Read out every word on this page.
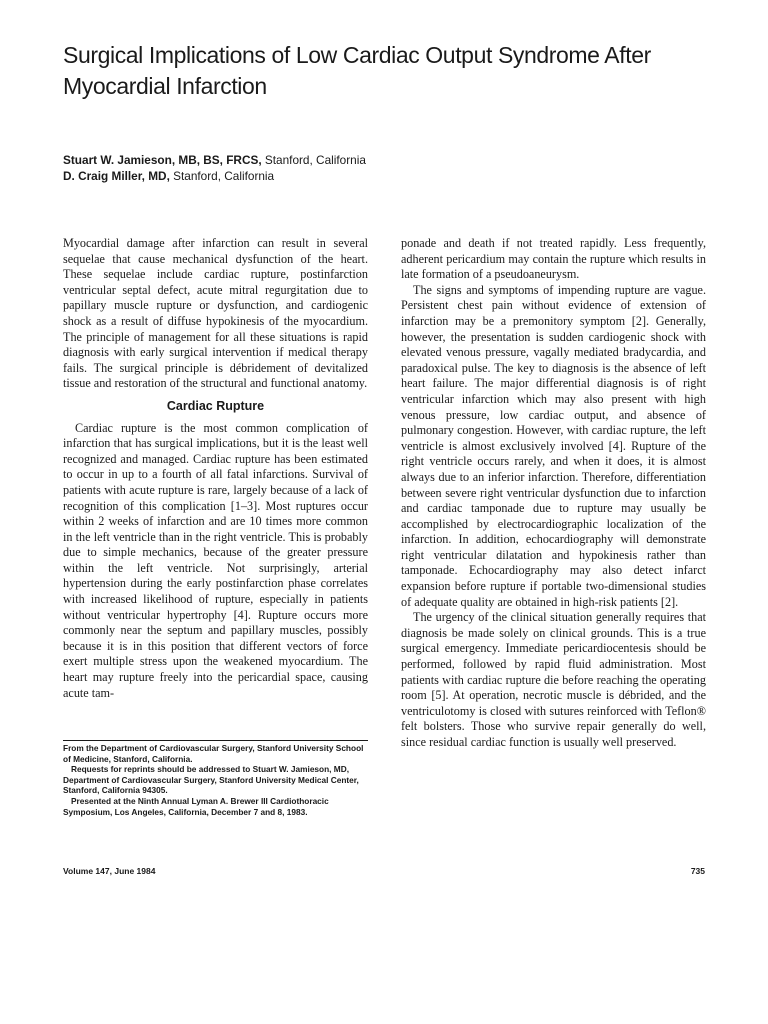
Surgical Implications of Low Cardiac Output Syndrome After Myocardial Infarction
Stuart W. Jamieson, MB, BS, FRCS, Stanford, California
D. Craig Miller, MD, Stanford, California

Myocardial damage after infarction can result in several sequelae that cause mechanical dysfunction of the heart. These sequelae include cardiac rupture, postinfarction ventricular septal defect, acute mitral regurgitation due to papillary muscle rupture or dysfunction, and cardiogenic shock as a result of diffuse hypokinesis of the myocardium. The principle of management for all these situations is rapid diagnosis with early surgical intervention if medical therapy fails. The surgical principle is débridement of devitalized tissue and restoration of the structural and functional anatomy.

Cardiac Rupture

Cardiac rupture is the most common complication of infarction that has surgical implications, but it is the least well recognized and managed. Cardiac rupture has been estimated to occur in up to a fourth of all fatal infarctions. Survival of patients with acute rupture is rare, largely because of a lack of recognition of this complication [1–3]. Most ruptures occur within 2 weeks of infarction and are 10 times more common in the left ventricle than in the right ventricle. This is probably due to simple mechanics, because of the greater pressure within the left ventricle. Not surprisingly, arterial hypertension during the early postinfarction phase correlates with increased likelihood of rupture, especially in patients without ventricular hypertrophy [4]. Rupture occurs more commonly near the septum and papillary muscles, possibly because it is in this position that different vectors of force exert multiple stress upon the weakened myocardium. The heart may rupture freely into the pericardial space, causing acute tam-

From the Department of Cardiovascular Surgery, Stanford University School of Medicine, Stanford, California.

Requests for reprints should be addressed to Stuart W. Jamieson, MD, Department of Cardiovascular Surgery, Stanford University Medical Center, Stanford, California 94305.

Presented at the Ninth Annual Lyman A. Brewer III Cardiothoracic Symposium, Los Angeles, California, December 7 and 8, 1983.

ponade and death if not treated rapidly. Less frequently, adherent pericardium may contain the rupture which results in late formation of a pseudoaneurysm.

The signs and symptoms of impending rupture are vague. Persistent chest pain without evidence of extension of infarction may be a premonitory symptom [2]. Generally, however, the presentation is sudden cardiogenic shock with elevated venous pressure, vagally mediated bradycardia, and paradoxical pulse. The key to diagnosis is the absence of left heart failure. The major differential diagnosis is of right ventricular infarction which may also present with high venous pressure, low cardiac output, and absence of pulmonary congestion. However, with cardiac rupture, the left ventricle is almost exclusively involved [4]. Rupture of the right ventricle occurs rarely, and when it does, it is almost always due to an inferior infarction. Therefore, differentiation between severe right ventricular dysfunction due to infarction and cardiac tamponade due to rupture may usually be accomplished by electrocardiographic localization of the infarction. In addition, echocardiography will demonstrate right ventricular dilatation and hypokinesis rather than tamponade. Echocardiography may also detect infarct expansion before rupture if portable two-dimensional studies of adequate quality are obtained in high-risk patients [2].

The urgency of the clinical situation generally requires that diagnosis be made solely on clinical grounds. This is a true surgical emergency. Immediate pericardiocentesis should be performed, followed by rapid fluid administration. Most patients with cardiac rupture die before reaching the operating room [5]. At operation, necrotic muscle is débrided, and the ventriculotomy is closed with sutures reinforced with Teflon® felt bolsters. Those who survive repair generally do well, since residual cardiac function is usually well preserved.

Volume 147, June 1984	735
